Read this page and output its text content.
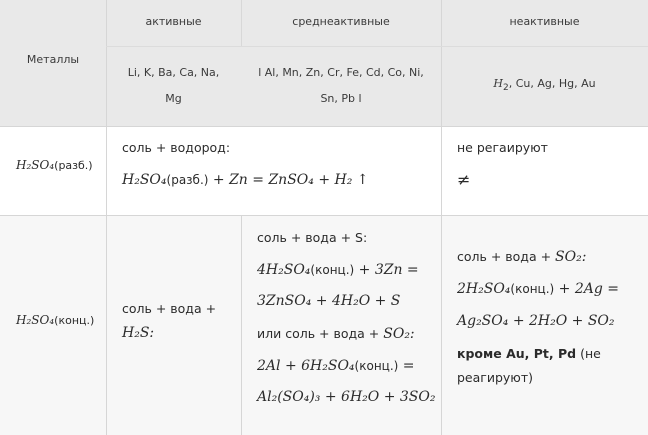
Металлы
активные	среднеактивные	неактивные
Li, K, Ba, Ca, Na,
Mg
l Al, Mn, Zn, Cr, Fe, Cd, Co, Ni,
Sn, Pb l
$H_2$, Cu, Ag, Hg, Au
H₂SO₄(разб.)
соль + водород:
H₂SO₄(разб.) + Zn = ZnSO₄ + H₂ ↑
не регаируют
≠
H₂SO₄(конц.)
соль + вода +
H₂S:
соль + вода + S:
4H₂SO₄(конц.) + 3Zn =
3ZnSO₄ + 4H₂O + S
или соль + вода + SO₂:
2Al + 6H₂SO₄(конц.) =
Al₂(SO₄)₃ + 6H₂O + 3SO₂
соль + вода + SO₂:
2H₂SO₄(конц.) + 2Ag =
Ag₂SO₄ + 2H₂O + SO₂
кроме Au, Pt, Pd (не
реагируют)
